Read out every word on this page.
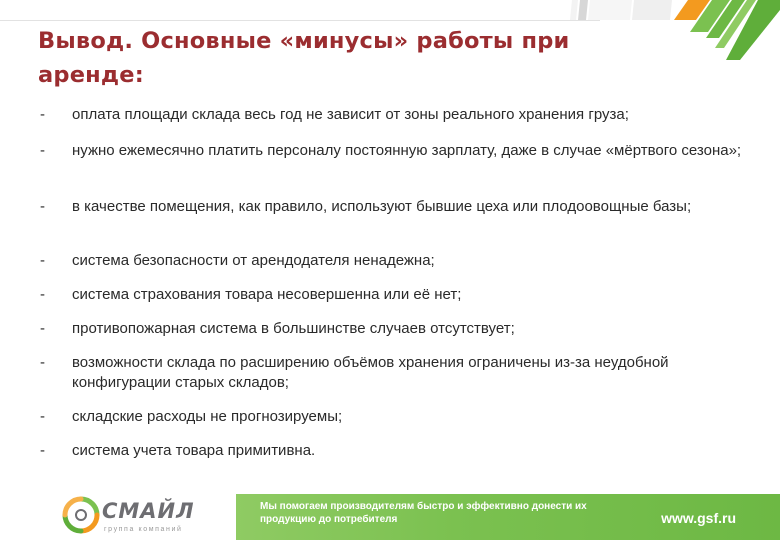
Вывод. Основные «минусы» работы при аренде:
-	оплата площади склада весь год не зависит от зоны реального хранения груза;
-	нужно ежемесячно платить персоналу постоянную зарплату, даже в случае «мёртвого сезона»;
-	в качестве помещения, как правило, используют бывшие цеха или плодоовощные базы;
-	система безопасности от арендодателя ненадежна;
-	система страхования товара несовершенна или её нет;
-	противопожарная система в большинстве случаев отсутствует;
-	возможности склада по расширению объёмов хранения ограничены из-за неудобной конфигурации старых складов;
-	складские расходы не прогнозируемы;
-	система учета товара примитивна.
СМАЙЛ
группа компаний
Мы помогаем производителям быстро и эффективно донести их продукцию до потребителя	www.gsf.ru
